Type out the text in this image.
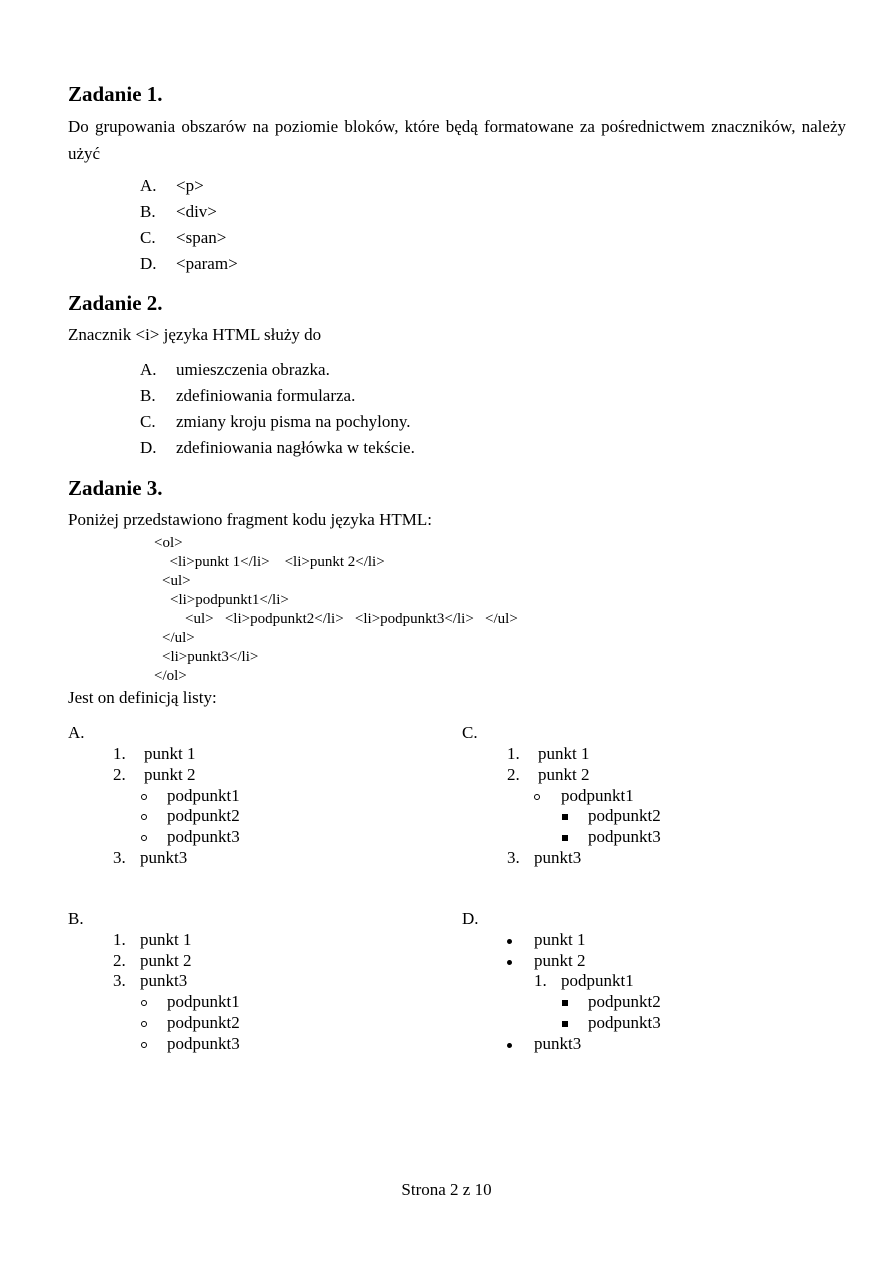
Zadanie 1.
Do grupowania obszarów na poziomie bloków, które będą formatowane za pośrednictwem znaczników, należy użyć
A. <p>
B. <div>
C. <span>
D. <param>
Zadanie 2.
Znacznik <i> języka HTML służy do
A. umieszczenia obrazka.
B. zdefiniowania formularza.
C. zmiany kroju pisma na pochylony.
D. zdefiniowania nagłówka w tekście.
Zadanie 3.
Poniżej przedstawiono fragment kodu języka HTML:
<ol>
<li>punkt 1</li>    <li>punkt 2</li>
<ul>
<li>podpunkt1</li>
<ul>   <li>podpunkt2</li>   <li>podpunkt3</li>   </ul>
</ul>
<li>punkt3</li>
</ol>
Jest on definicją listy:
A.
1. punkt 1
2. punkt 2
podpunkt1
podpunkt2
podpunkt3
3. punkt3
C.
1. punkt 1
2. punkt 2
podpunkt1
podpunkt2
podpunkt3
3. punkt3
B.
1. punkt 1
2. punkt 2
3. punkt3
podpunkt1
podpunkt2
podpunkt3
D.
punkt 1
punkt 2
1. podpunkt1
podpunkt2
podpunkt3
punkt3
Strona 2 z 10
